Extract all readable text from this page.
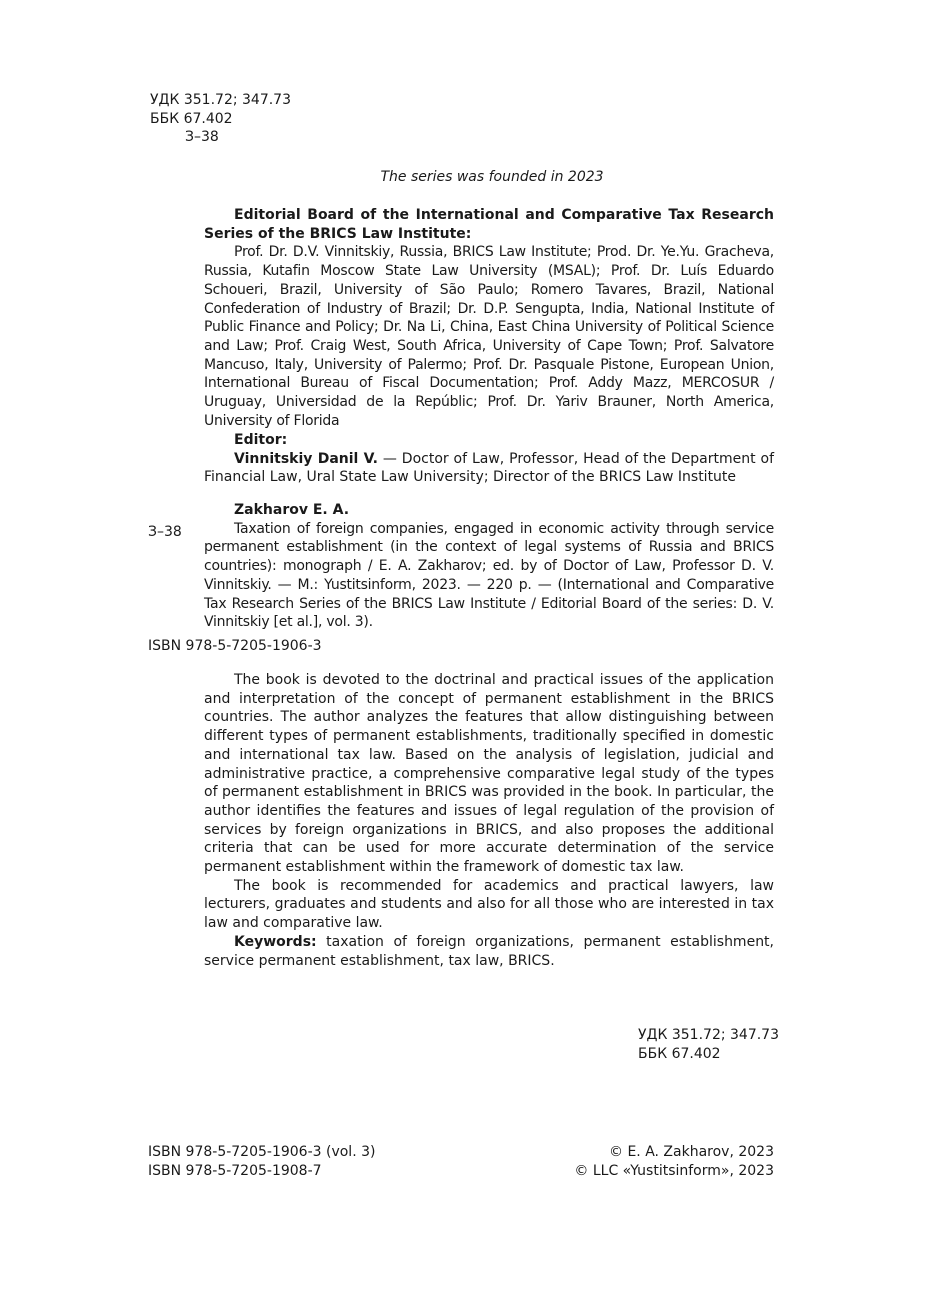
УДК 351.72; 347.73
ББК 67.402
З–38
The series was founded in 2023

Editorial Board of the International and Comparative Tax Research Series of the BRICS Law Institute:

Prof. Dr. D.V. Vinnitskiy, Russia, BRICS Law Institute; Prod. Dr. Ye.Yu. Gracheva, Russia, Kutafin Moscow State Law University (MSAL); Prof. Dr. Luís Eduardo Schoueri, Brazil, University of São Paulo; Romero Tavares, Brazil, National Confederation of Industry of Brazil; Dr. D.P. Sengupta, India, National Institute of Public Finance and Policy; Dr. Na Li, China, East China University of Political Science and Law; Prof. Craig West, South Africa, University of Cape Town; Prof. Salvatore Mancuso, Italy, University of Palermo; Prof. Dr. Pasquale Pistone, European Union, International Bureau of Fiscal Documentation; Prof. Addy Mazz, MERCOSUR / Uruguay, Universidad de la Repúblic; Prof. Dr. Yariv Brauner, North America, University of Florida

Editor:

Vinnitskiy Danil V. — Doctor of Law, Professor, Head of the Department of Financial Law, Ural State Law University; Director of the BRICS Law Institute

Zakharov E. A.

Taxation of foreign companies, engaged in economic activity through service permanent establishment (in the context of legal systems of Russia and BRICS countries): monograph / E. A. Zakharov; ed. by of Doctor of Law, Professor D. V. Vinnitskiy. — M.: Yustitsinform, 2023. — 220 p. — (International and Comparative Tax Research Series of the BRICS Law Institute / Editorial Board of the series: D. V. Vinnitskiy [et al.], vol. 3).

З–38
ISBN 978-5-7205-1906-3

The book is devoted to the doctrinal and practical issues of the application and interpretation of the concept of permanent establishment in the BRICS countries. The author analyzes the features that allow distinguishing between different types of permanent establishments, traditionally specified in domestic and international tax law. Based on the analysis of legislation, judicial and administrative practice, a comprehensive comparative legal study of the types of permanent establishment in BRICS was provided in the book. In particular, the author identifies the features and issues of legal regulation of the provision of services by foreign organizations in BRICS, and also proposes the additional criteria that can be used for more accurate determination of the service permanent establishment within the framework of domestic tax law.

The book is recommended for academics and practical lawyers, law lecturers, graduates and students and also for all those who are interested in tax law and comparative law.

Keywords: taxation of foreign organizations, permanent establishment, service permanent establishment, tax law, BRICS.

УДК 351.72; 347.73
ББК 67.402
ISBN 978-5-7205-1906-3 (vol. 3)
ISBN 978-5-7205-1908-7
© E. A. Zakharov, 2023
© LLC «Yustitsinform», 2023
